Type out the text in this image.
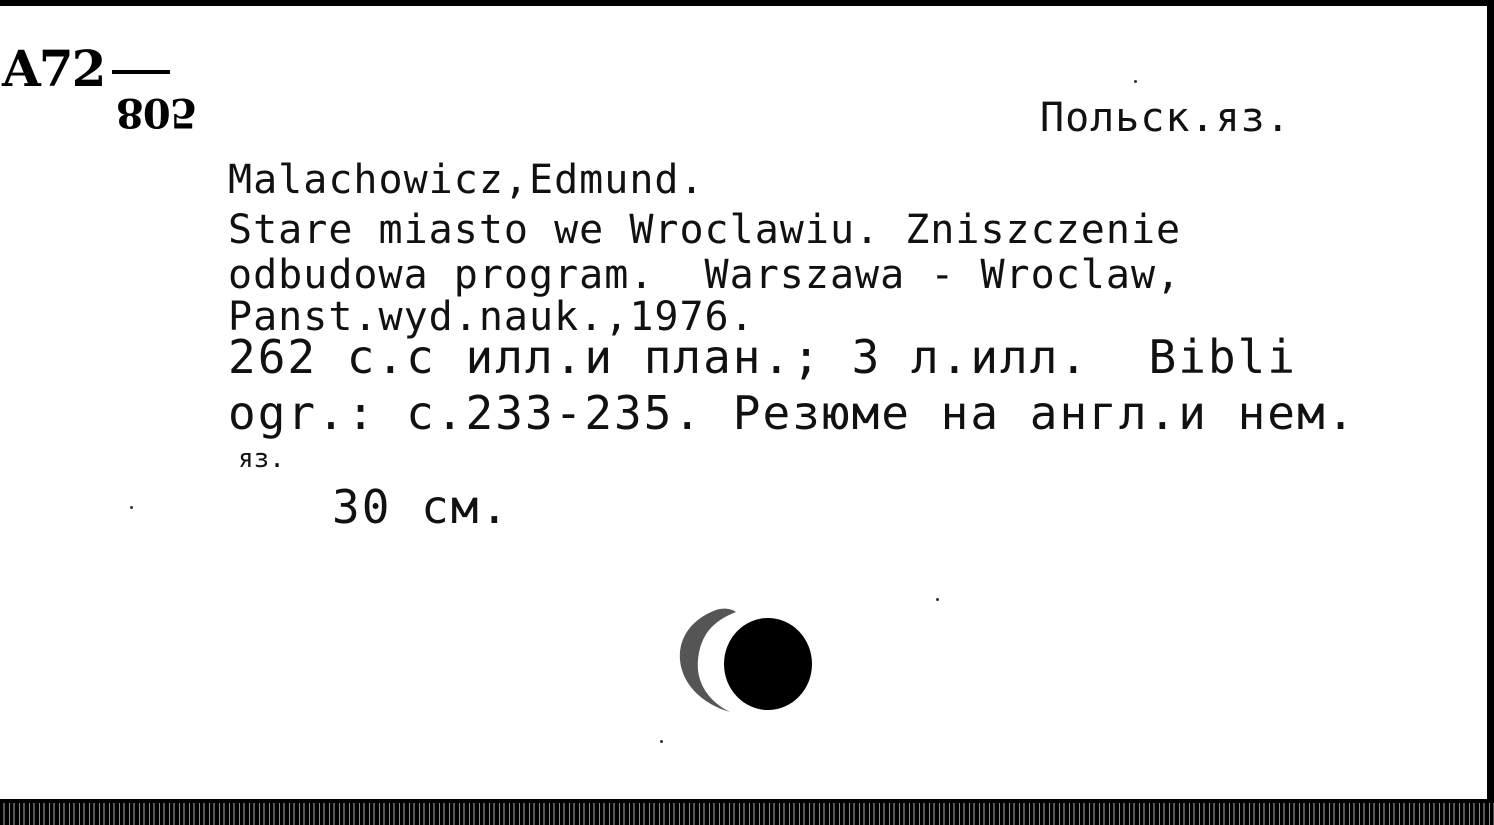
A72
805	Польск.яз.
Malachowicz,Edmund.
Stare miasto we Wroclawiu. Zniszczenie
odbudowa program.  Warszawa - Wroclaw,
Panst.wyd.nauk.,1976.
262 c.c илл.и план.; 3 л.илл.  Bibli
ogr.: c.233-235. Резюме на англ.и нем.
яз.
30 см.
